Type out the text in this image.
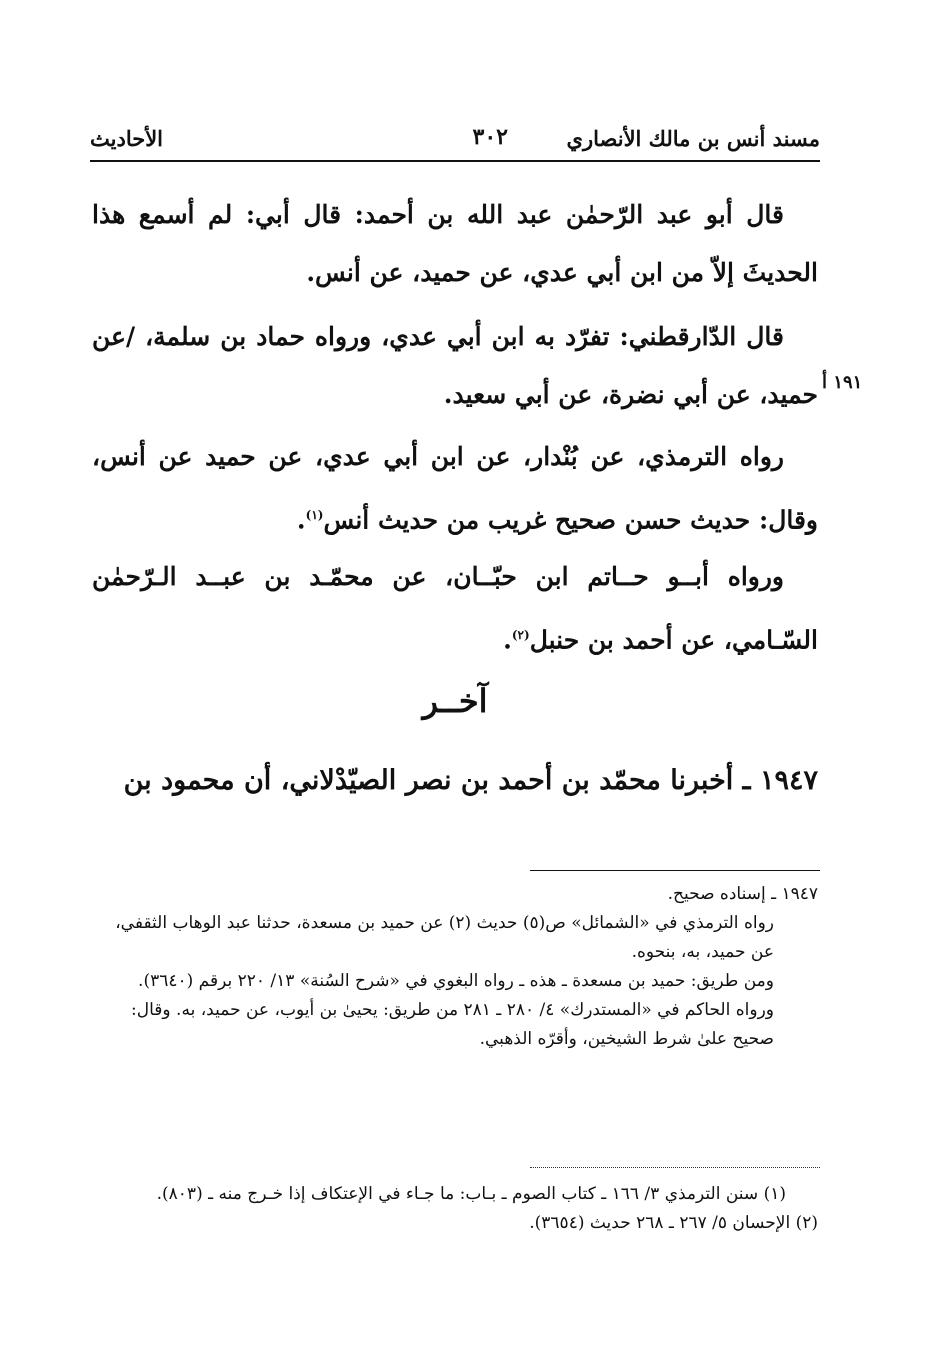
مسند أنس بن مالك الأنصاري
٣٠٢
الأحاديث

قال أبو عبد الرّحمٰن عبد الله بن أحمد: قال أبي: لم أسمع هذا الحديثَ إلاّ من ابن أبي عدي، عن حميد، عن أنس.

قال الدّارقطني: تفرّد به ابن أبي عدي، ورواه حماد بن سلمة، /عن حميد، عن أبي نضرة، عن أبي سعيد. ١٩١ أ

رواه الترمذي، عن بُنْدار، عن ابن أبي عدي، عن حميد عن أنس، وقال: حديث حسن صحيح غريب من حديث أنس$^{(١)}$.

ورواه أبــو حــاتم ابن حبّــان، عن محمّـد بن عبــد الـرّحمٰن السّـامي، عن أحمد بن حنبل$^{(٢)}$.

آخــر
١٩٤٧ ـ أخبرنا محمّد بن أحمد بن نصر الصيّدْلاني، أن محمود بن

١٩٤٧ ـ إسناده صحيح.

رواه الترمذي في «الشمائل» ص(٥) حديث (٢) عن حميد بن مسعدة، حدثنا عبد الوهاب الثقفي، عن حميد، به، بنحوه.

ومن طريق: حميد بن مسعدة ـ هذه ـ رواه البغوي في «شرح السُنة» ١٣/ ٢٢٠ برقم (٣٦٤٠).

ورواه الحاكم في «المستدرك» ٤/ ٢٨٠ ـ ٢٨١ من طريق: يحيىٰ بن أيوب، عن حميد، به. وقال: صحيح علىٰ شرط الشيخين، وأقرّه الذهبي.

(١) سنن الترمذي ٣/ ١٦٦ ـ كتاب الصوم ـ بـاب: ما جـاء في الإعتكاف إذا خـرج منه ـ (٨٠٣).

(٢) الإحسان ٥/ ٢٦٧ ـ ٢٦٨ حديث (٣٦٥٤).
